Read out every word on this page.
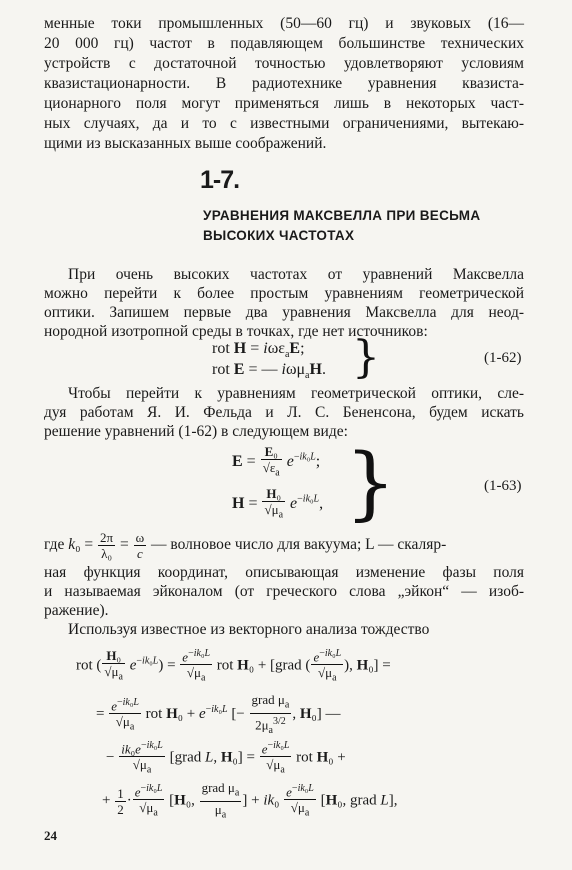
менные токи промышленных (50—60 гц) и звуковых (16—
20 000 гц) частот в подавляющем большинстве технических
устройств с достаточной точностью удовлетворяют условиям
квазистационарности. В радиотехнике уравнения квазиста-
ционарного поля могут применяться лишь в некоторых част-
ных случаях, да и то с известными ограничениями, вытекаю-
щими из высказанных выше соображений.
1-7.
УРАВНЕНИЯ МАКСВЕЛЛА ПРИ ВЕСЬМА
ВЫСОКИХ ЧАСТОТАХ
При очень высоких частотах от уравнений Максвелла
можно перейти к более простым уравнениям геометрической
оптики. Запишем первые два уравнения Максвелла для неод-
нородной изотропной среды в точках, где нет источников:
rot H = iωε$_a$E;
rot E = — iωμ$_a$H. }	(1-62)
Чтобы перейти к уравнениям геометрической оптики, сле-
дуя работам Я. И. Фельда и Л. С. Бененсона, будем искать
решение уравнений (1-62) в следующем виде:
$E = \frac{\text{E₀}}{√\varepsilon_a} e^{-ik_0L}$;
$H = \frac{\text{H₀}}{√\mu_a} e^{-ik_0L}$, }	(1-63)
где $k_0 = \frac{2\pi}{\text{λ₀}} = \frac{\omega}{c}$ — волновое число для вакуума; L — скаляр-
ная функция координат, описывающая изменение фазы поля
и называемая эйконалом (от греческого слова „эйкон“ — изоб-
ражение).
Используя известное из векторного анализа тождество
rot ( $\frac{\text{H₀}}{√\mu_a} e^{-ik_0L}) = \frac{e^{-ik_0L}}{√\mu_a}$ rot H₀ + [grad ( $\frac{e^{-ik_0L}}{√\mu_a}$ ), H₀] =
= $\frac{e^{-ik_0L}}{√\mu_a}$ rot $H_0 + e^{-ik_0L}$ [− $\frac{grad \mu_a}{2\mu_a^{3/2}}$ , H₀] —
− $\frac{ik_0e^{-ik_0L}}{√\mu_a}$ [grad L, $H_0] = \frac{e^{-ik_0L}}{√\mu_a}$ rot H₀ +
+ $\frac{1}{2} \cdot \frac{e^{-ik_0L}}{√\mu_a} [H_0$, $\frac{grad \mu_a}{\mu_a}$ ] + $ik_0 \frac{e^{-ik_0L}}{√\mu_a} [H_0$, grad L],
24
